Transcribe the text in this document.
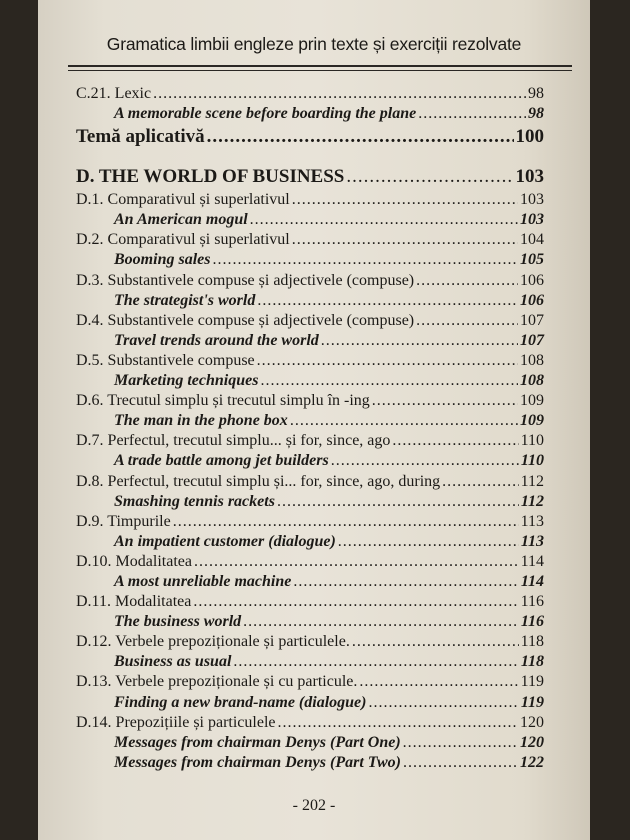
Gramatica limbii engleze prin texte și exerciții rezolvate
C.21. Lexic .....	98
A memorable scene before boarding the plane .....	98
Temă aplicativă .....	100
D. THE WORLD OF BUSINESS .....	103
D.1. Comparativul și superlativul .....	103
An American mogul .....	103
D.2. Comparativul și superlativul .....	104
Booming sales .....	105
D.3. Substantivele compuse și adjectivele (compuse) .....	106
The strategist's world .....	106
D.4. Substantivele compuse și adjectivele (compuse) .....	107
Travel trends around the world .....	107
D.5. Substantivele compuse .....	108
Marketing techniques .....	108
D.6. Trecutul simplu și trecutul simplu în -ing .....	109
The man in the phone box .....	109
D.7. Perfectul, trecutul simplu... și for, since, ago .....	110
A trade battle among jet builders .....	110
D.8. Perfectul, trecutul simplu și... for, since, ago, during .....	112
Smashing tennis rackets .....	112
D.9. Timpurile .....	113
An impatient customer (dialogue) .....	113
D.10. Modalitatea .....	114
A most unreliable machine .....	114
D.11. Modalitatea .....	116
The business world .....	116
D.12. Verbele prepoziționale și particulele. .....	118
Business as usual .....	118
D.13. Verbele prepoziționale și cu particule. .....	119
Finding a new brand-name (dialogue) .....	119
D.14. Prepozițiile și particulele .....	120
Messages from chairman Denys (Part One) .....	120
Messages from chairman Denys (Part Two) .....	122
- 202 -
